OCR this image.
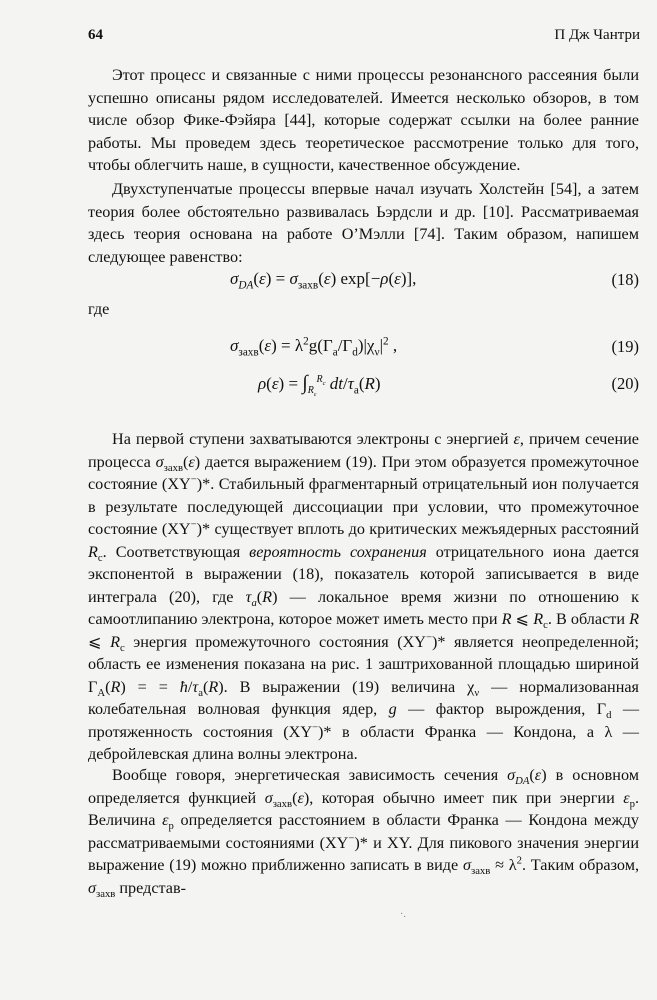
64	П Дж Чантри

Этот процесс и связанные с ними процессы резонансного рассеяния были успешно описаны рядом исследователей. Имеется несколько обзоров, в том числе обзор Фике-Фэйяра [44], которые содержат ссылки на более ранние работы. Мы проведем здесь теоретическое рассмотрение только для того, чтобы облегчить наше, в сущности, качественное обсуждение.

Двухступенчатые процессы впервые начал изучать Холстейн [54], а затем теория более обстоятельно развивалась Ьэрдсли и др. [10]. Рассматриваемая здесь теория основана на работе О’Мэлли [74]. Таким образом, напишем следующее равенство:

$\sigma_{DA}(\varepsilon) = \sigma_{захв}(\varepsilon)$ exp[−ρ(ε)],	(18)
где
$\sigma_{захв}(\varepsilon) = \lambda^2g(\Gamma_a/\Gamma_d)|\chi_\nu|^2$ ,	(19)
$\rho(\varepsilon) = \int_{R_\varepsilon}^{R_c}$ $dt/\tau_a(R)$	(20)

На первой ступени захватываются электроны с энергией ε, причем сечение процесса $\sigma_{захв}(\varepsilon)$ дается выражением (19). При этом образуется промежуточное состояние (XY−)*. Стабильный фрагментарный отрицательный ион получается в результате последующей диссоциации при условии, что промежуточное состояние (XY−)* существует вплоть до критических межъядерных расстояний $R_c$. Соответствующая вероятность сохранения отрицательного иона дается экспонентой в выражении (18), показатель которой записывается в виде интеграла (20), где $\tau_a(R)$ — локальное время жизни по отношению к самоотлипанию электрона, которое может иметь место при R ⩽ $R_c$. В области R ⩽ $R_c$ энергия промежуточного состояния (XY−)* является неопределенной; область ее изменения показана на рис. 1 заштрихованной площадью шириной $\Gamma_A(R)$ = = $ħ/\tau_a(R)$. В выражении (19) величина $\chi_\nu$ — нормализованная колебательная волновая функция ядер, g — фактор вырождения, $\Gamma_d$ — протяженность состояния (XY−)* в области Франка — Кондона, а λ — дебройлевская длина волны электрона.

Вообще говоря, энергетическая зависимость сечения $\sigma_{DA}(\varepsilon)$ в основном определяется функцией $\sigma_{захв}(\varepsilon)$, которая обычно имеет пик при энергии $\varepsilon_p$. Величина $\varepsilon_p$ определяется расстоянием в области Франка — Кондона между рассматриваемыми состояниями (XY−)* и XY. Для пикового значения энергии выражение (19) можно приближенно записать в виде $\sigma_{захв} \approx \lambda^2$. Таким образом, $\sigma_{захв}$ представ-

·.
